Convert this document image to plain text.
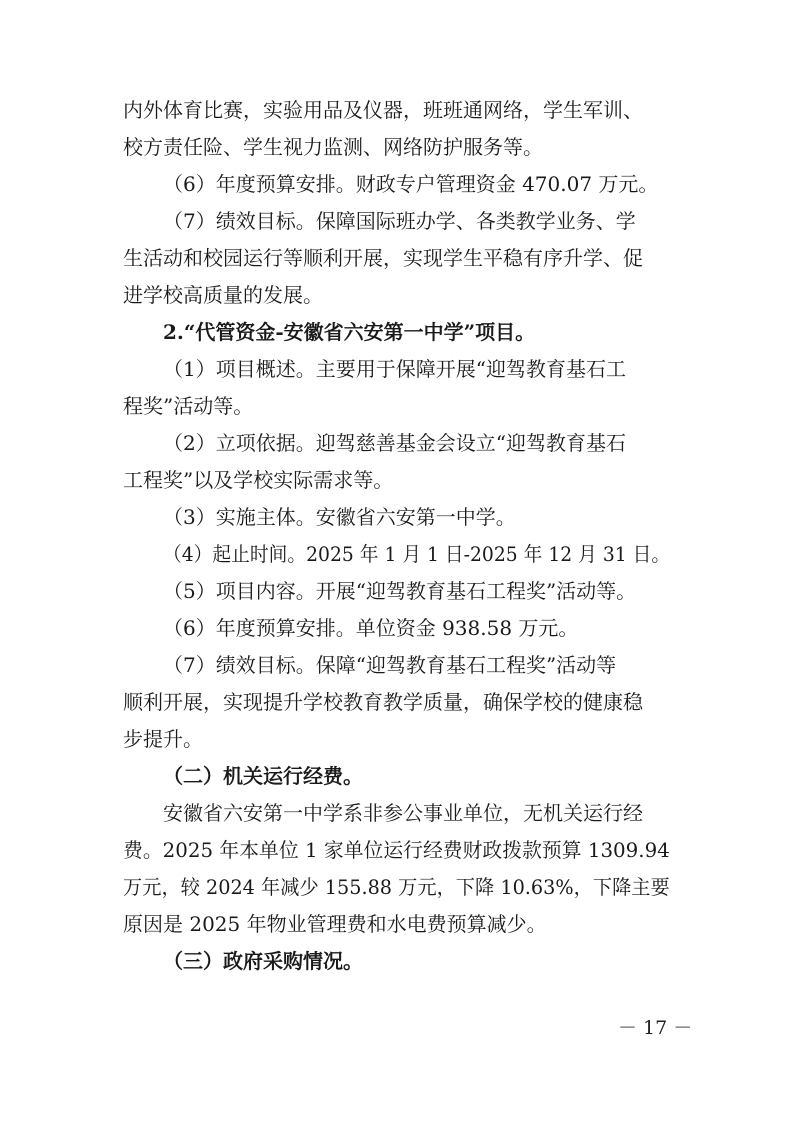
内外体育比赛，实验用品及仪器，班班通网络，学生军训、
校方责任险、学生视力监测、网络防护服务等。
（6）年度预算安排。财政专户管理资金 470.07 万元。
（7）绩效目标。保障国际班办学、各类教学业务、学
生活动和校园运行等顺利开展，实现学生平稳有序升学、促
进学校高质量的发展。
2.“代管资金-安徽省六安第一中学”项目。
（1）项目概述。主要用于保障开展“迎驾教育基石工
程奖”活动等。
（2）立项依据。迎驾慈善基金会设立“迎驾教育基石
工程奖”以及学校实际需求等。
（3）实施主体。安徽省六安第一中学。
（4）起止时间。2025 年 1 月 1 日-2025 年 12 月 31 日。
（5）项目内容。开展“迎驾教育基石工程奖”活动等。
（6）年度预算安排。单位资金 938.58 万元。
（7）绩效目标。保障“迎驾教育基石工程奖”活动等
顺利开展，实现提升学校教育教学质量，确保学校的健康稳
步提升。
（二）机关运行经费。
安徽省六安第一中学系非参公事业单位，无机关运行经
费。2025 年本单位 1 家单位运行经费财政拨款预算 1309.94
万元，较 2024 年减少 155.88 万元，下降 10.63%，下降主要
原因是 2025 年物业管理费和水电费预算减少。
（三）政府采购情况。
－ 17 －
